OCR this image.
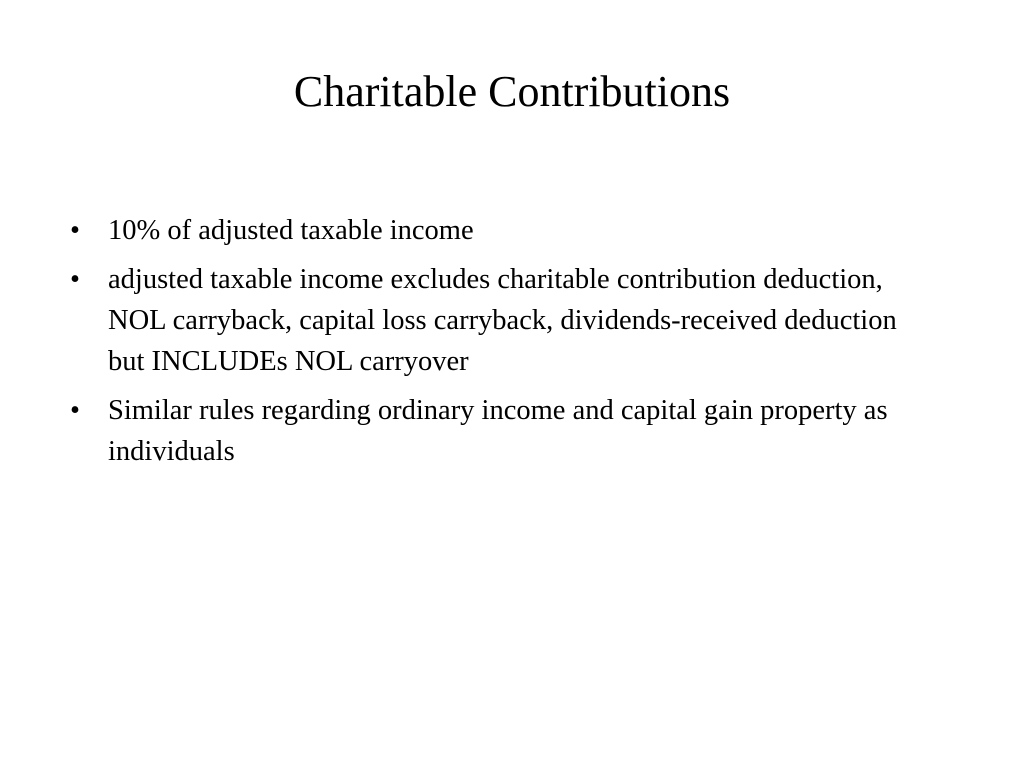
Charitable Contributions
• 10% of adjusted taxable income
• adjusted taxable income excludes charitable contribution deduction, NOL carryback, capital loss carryback, dividends-received deduction but INCLUDEs NOL carryover
• Similar rules regarding ordinary income and capital gain property as individuals
